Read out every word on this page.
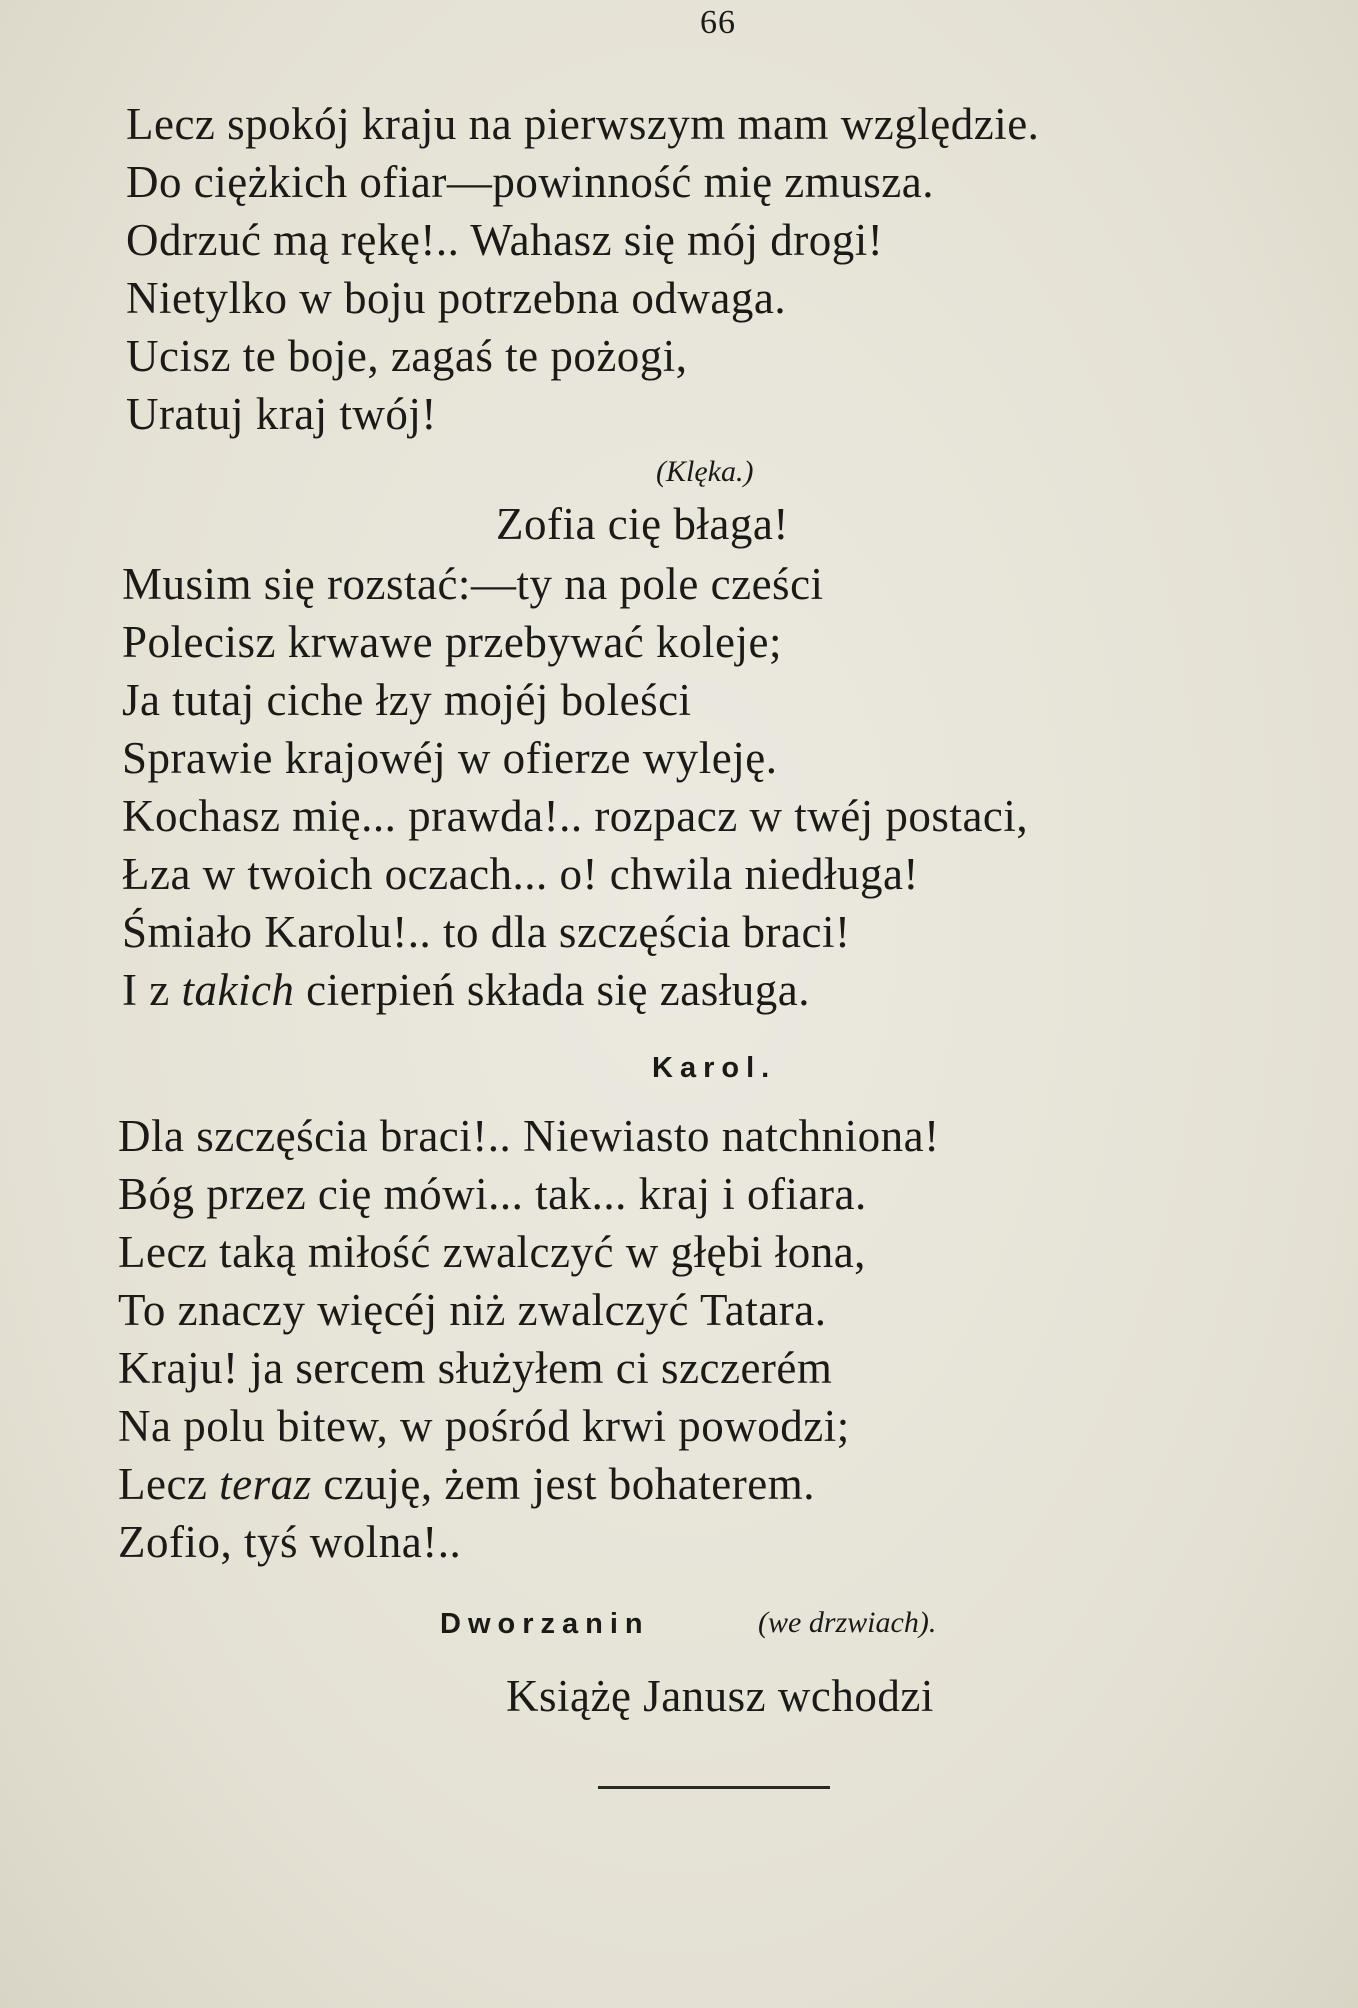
66
Lecz spokój kraju na pierwszym mam względzie.
Do ciężkich ofiar—powinność mię zmusza.
Odrzuć mą rękę!.. Wahasz się mój drogi!
Nietylko w boju potrzebna odwaga.
Ucisz te boje, zagaś te pożogi,
Uratuj kraj twój!
(Klęka.)
Zofia cię błaga!
Musim się rozstać:—ty na pole cześci
Polecisz krwawe przebywać koleje;
Ja tutaj ciche łzy mojéj boleści
Sprawie krajowéj w ofierze wyleję.
Kochasz mię... prawda!.. rozpacz w twéj postaci,
Łza w twoich oczach... o! chwila niedługa!
Śmiało Karolu!.. to dla szczęścia braci!
I z takich cierpień składa się zasługa.
Karol.
Dla szczęścia braci!.. Niewiasto natchniona!
Bóg przez cię mówi... tak... kraj i ofiara.
Lecz taką miłość zwalczyć w głębi łona,
To znaczy więcéj niż zwalczyć Tatara.
Kraju! ja sercem służyłem ci szczerém
Na polu bitew, w pośród krwi powodzi;
Lecz teraz czuję, żem jest bohaterem.
Zofio, tyś wolna!..
Dworzanin	(we drzwiach).
Książę Janusz wchodzi
